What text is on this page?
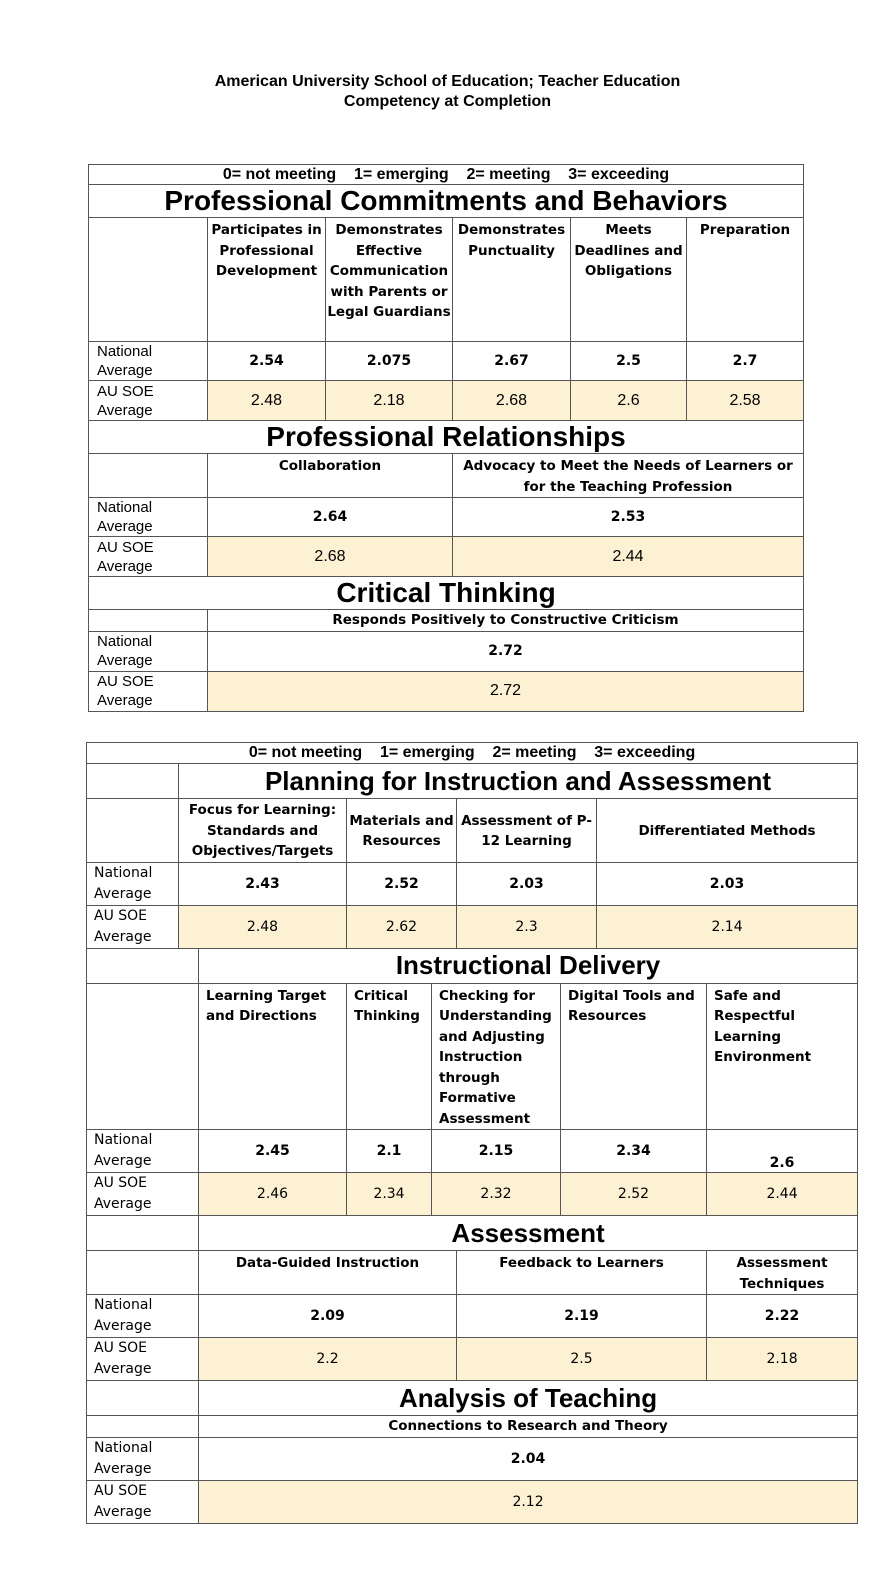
American University School of Education; Teacher Education
Competency at Completion
0= not meeting 1= emerging 2= meeting 3= exceeding					
Professional Commitments and Behaviors					
	Participates in Professional Development	Demonstrates Effective Communication with Parents or Legal Guardians	Demonstrates Punctuality	Meets Deadlines and Obligations	Preparation
National Average	2.54	2.075	2.67	2.5	2.7
AU SOE Average	2.48	2.18	2.68	2.6	2.58
Professional Relationships					
	Collaboration		Advocacy to Meet the Needs of Learners or for the Teaching Profession		
National Average	2.64		2.53		
AU SOE Average	2.68		2.44		
Critical Thinking					
	Responds Positively to Constructive Criticism				
National Average	2.72				
AU SOE Average	2.72				
0= not meeting 1= emerging 2= meeting 3= exceeding								
	Planning for Instruction and Assessment							
	Focus for Learning: Standards and Objectives/Targets		Materials and Resources		Assessment of P-12 Learning		Differentiated Methods	
National Average	2.43		2.52		2.03		2.03	
AU SOE Average	2.48		2.62		2.3		2.14	
		Instructional Delivery						
		Learning Target and Directions	Critical Thinking	Checking for Understanding and Adjusting Instruction through Formative Assessment		Digital Tools and Resources		Safe and Respectful Learning Environment
National Average		2.45	2.1	2.15		2.34		2.6
AU SOE Average		2.46	2.34	2.32		2.52		2.44
		Assessment						
		Data-Guided Instruction			Feedback to Learners			Assessment Techniques
National Average		2.09			2.19			2.22
AU SOE Average		2.2			2.5			2.18
		Analysis of Teaching						
		Connections to Research and Theory						
National Average		2.04						
AU SOE Average		2.12						
